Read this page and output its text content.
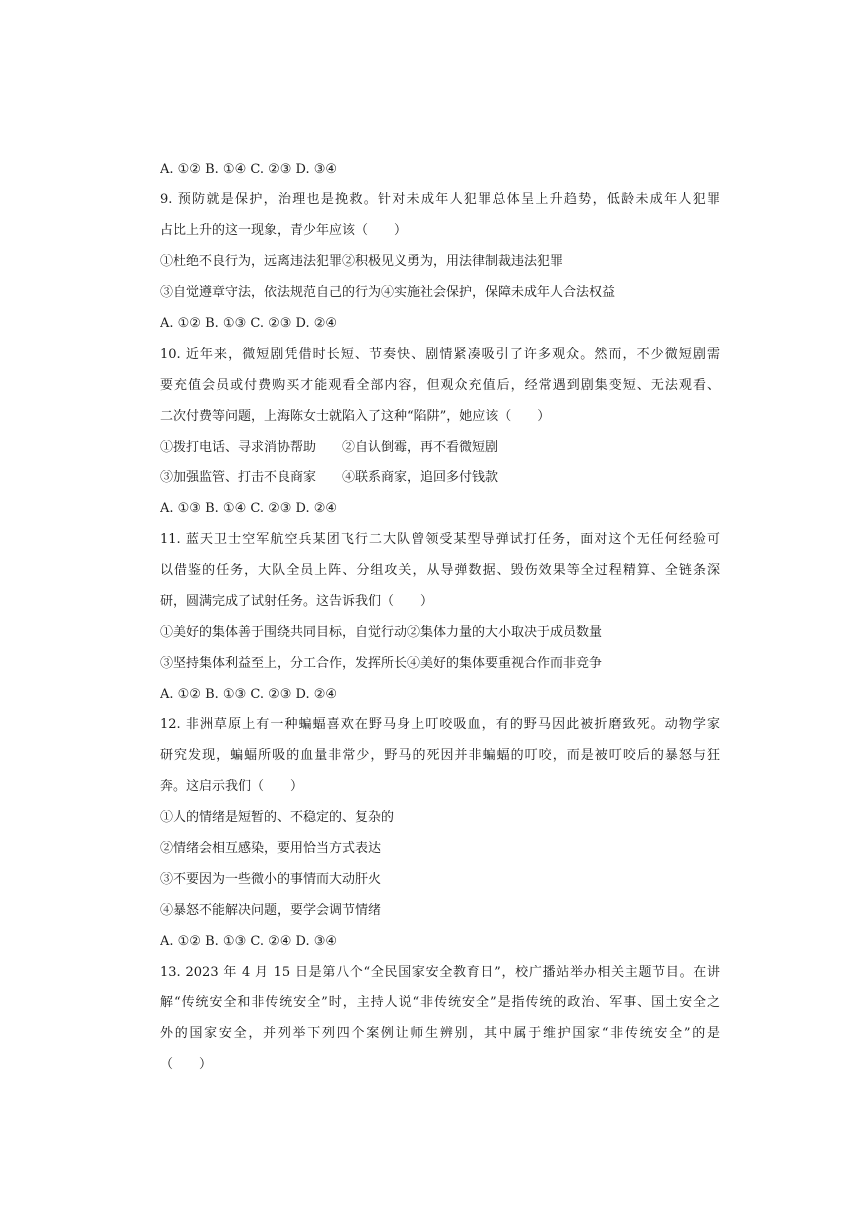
A. ①② B. ①④ C. ②③ D. ③④
9. 预防就是保护，治理也是挽救。针对未成年人犯罪总体呈上升趋势，低龄未成年人犯罪
占比上升的这一现象，青少年应该（　　）
①杜绝不良行为，远离违法犯罪②积极见义勇为，用法律制裁违法犯罪
③自觉遵章守法，依法规范自己的行为④实施社会保护，保障未成年人合法权益
A. ①② B. ①③ C. ②③ D. ②④
10. 近年来，微短剧凭借时长短、节奏快、剧情紧凑吸引了许多观众。然而，不少微短剧需
要充值会员或付费购买才能观看全部内容，但观众充值后，经常遇到剧集变短、无法观看、
二次付费等问题，上海陈女士就陷入了这种“陷阱”，她应该（　　）
①拨打电话、寻求消协帮助　　②自认倒霉，再不看微短剧
③加强监管、打击不良商家　　④联系商家，追回多付钱款
A. ①③ B. ①④ C. ②③ D. ②④
11. 蓝天卫士空军航空兵某团飞行二大队曾领受某型导弹试打任务，面对这个无任何经验可
以借鉴的任务，大队全员上阵、分组攻关，从导弹数据、毁伤效果等全过程精算、全链条深
研，圆满完成了试射任务。这告诉我们（　　）
①美好的集体善于围绕共同目标，自觉行动②集体力量的大小取决于成员数量
③坚持集体利益至上，分工合作，发挥所长④美好的集体要重视合作而非竞争
A. ①② B. ①③ C. ②③ D. ②④
12. 非洲草原上有一种蝙蝠喜欢在野马身上叮咬吸血，有的野马因此被折磨致死。动物学家
研究发现，蝙蝠所吸的血量非常少，野马的死因并非蝙蝠的叮咬，而是被叮咬后的暴怒与狂
奔。这启示我们（　　）
①人的情绪是短暂的、不稳定的、复杂的
②情绪会相互感染，要用恰当方式表达
③不要因为一些微小的事情而大动肝火
④暴怒不能解决问题，要学会调节情绪
A. ①② B. ①③ C. ②④ D. ③④
13. 2023 年 4 月 15 日是第八个“全民国家安全教育日”，校广播站举办相关主题节目。在讲
解“传统安全和非传统安全”时，主持人说“非传统安全”是指传统的政治、军事、国土安全之
外的国家安全，并列举下列四个案例让师生辨别，其中属于维护国家“非传统安全”的是
（　　）
